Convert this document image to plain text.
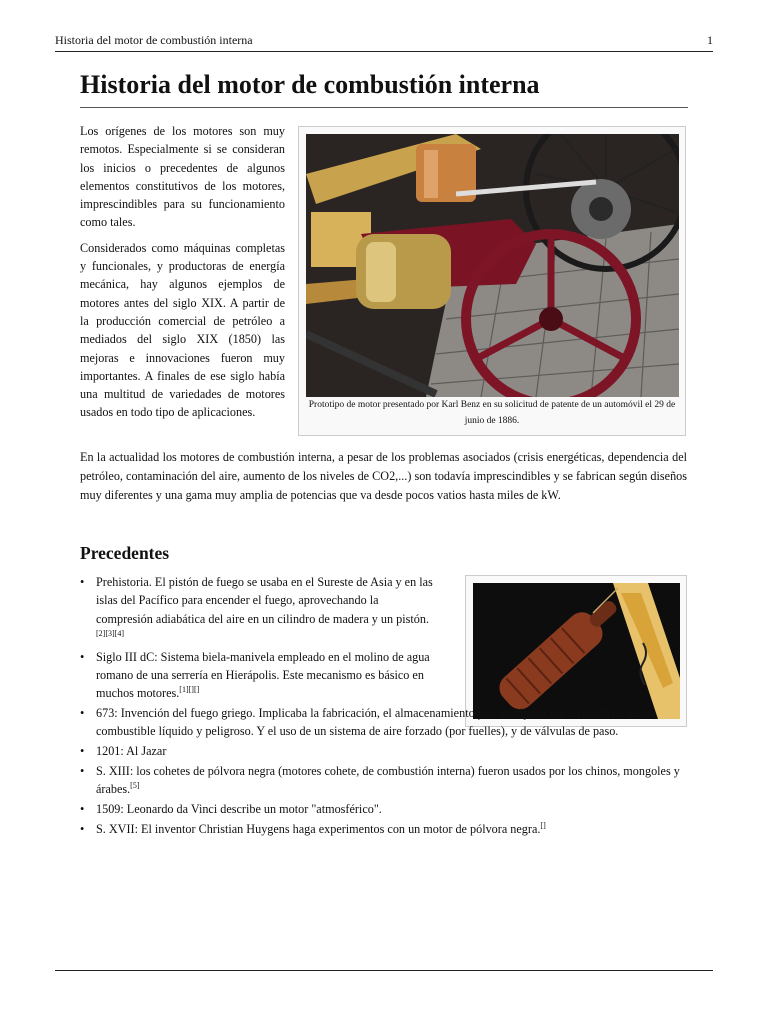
Historia del motor de combustión interna	1
Historia del motor de combustión interna

Los orígenes de los motores son muy remotos. Especialmente si se consideran los inicios o precedentes de algunos elementos constitutivos de los motores, imprescindibles para su funcionamiento como tales.

Considerados como máquinas completas y funcionales, y productoras de energía mecánica, hay algunos ejemplos de motores antes del siglo XIX. A partir de la producción comercial de petróleo a mediados del siglo XIX (1850) las mejoras e innovaciones fueron muy importantes. A finales de ese siglo había una multitud de variedades de motores usados en todo tipo de aplicaciones.

Prototipo de motor presentado por Karl Benz en su solicitud de patente de un automóvil el 29 de junio de 1886.

En la actualidad los motores de combustión interna, a pesar de los problemas asociados (crisis energéticas, dependencia del petróleo, contaminación del aire, aumento de los niveles de CO2,...) son todavía imprescindibles y se fabrican según diseños muy diferentes y una gama muy amplia de potencias que va desde pocos vatios hasta miles de kW.

Precedentes
• Prehistoria. El pistón de fuego se usaba en el Sureste de Asia y en las islas del Pacífico para encender el fuego, aprovechando la compresión adiabática del aire en un cilindro de madera y un pistón.[2][3][4]
• Siglo III dC: Sistema biela-manivela empleado en el molino de agua romano de una serrería en Hierápolis. Este mecanismo es básico en muchos motores.[1][][]
• 673: Invención del fuego griego. Implicaba la fabricación, el almacenamiento y la manipulación en combate de un combustible líquido y peligroso. Y el uso de un sistema de aire forzado (por fuelles), y de válvulas de paso.
• 1201: Al Jazar
• S. XIII: los cohetes de pólvora negra (motores cohete, de combustión interna) fueron usados por los chinos, mongoles y árabes.[5]
• 1509: Leonardo da Vinci describe un motor "atmosférico".
• S. XVII: El inventor Christian Huygens haga experimentos con un motor de pólvora negra.[]
